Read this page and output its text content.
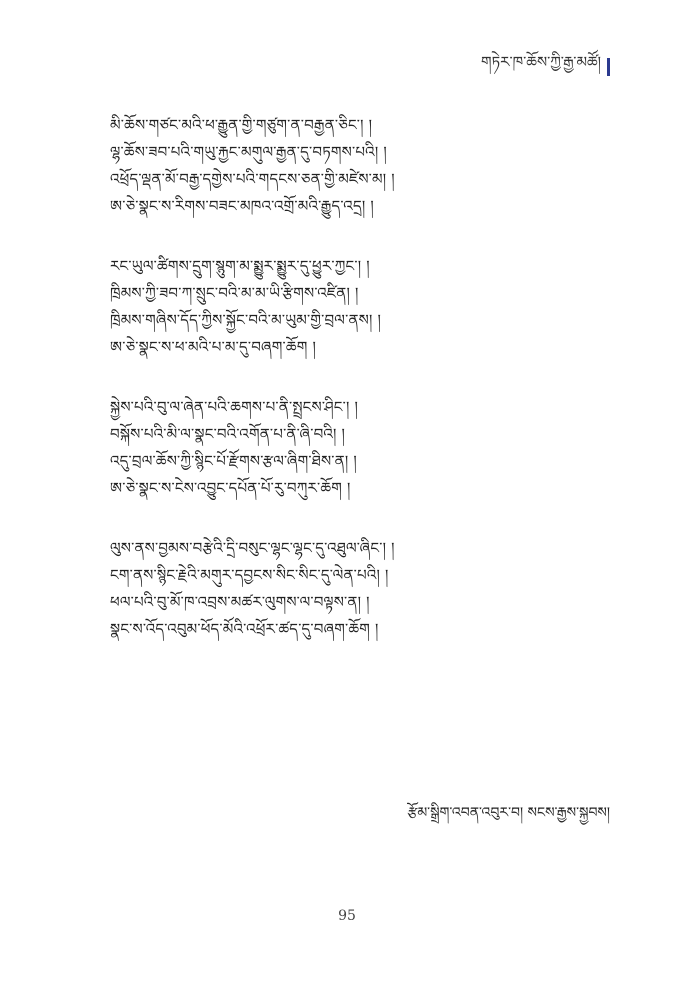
གཏེར་ཁ་ཆོས་ཀྱི་རྒྱ་མཚོ།
མི་ཆོས་གཙང་མའི་ཕ་རྒྱུན་གྱི་གཙུག་ན་བརྒྱན་ཅིང་། །
ལྷ་ཆོས་ཟབ་པའི་གཡུ་རྐྱང་མགུལ་རྒྱན་དུ་བཏགས་པའི། །
འཕྲོད་ལྡན་མོ་བརྒྱ་དགྱེས་པའི་གདངས་ཅན་གྱི་མཛེས་མ། །
ཨ་ཅེ་སྣང་ས་རིགས་བཟང་མཁའ་འགྲོ་མའི་རྒྱུད་འདྲ། །
རང་ཡུལ་ཚིགས་དྲུག་སྙུག་མ་སྨྱུར་སྨྱུར་དུ་ཕྱུར་ཀྱང་། །
ཁྲིམས་ཀྱི་ཟབ་ཀ་སྲུང་བའི་མ་མ་ཡི་རྩིགས་འཛིན། །
ཁྲིམས་གཞིས་དོད་ཀྱིས་སྐྱོང་བའི་མ་ཡུམ་གྱི་བྲལ་ནས། །
ཨ་ཅེ་སྣང་ས་ཕ་མའི་པ་མ་དུ་བཞག་ཆོག །
སྐྱེས་པའི་བུ་ལ་ཞེན་པའི་ཆགས་པ་ནི་སྤྲངས་ཤིང་། །
བསྐོས་པའི་མི་ལ་སྣང་བའི་འགོན་པ་ནི་ཞི་བའི། །
འདུ་བྲལ་ཆོས་ཀྱི་སྙིང་པོ་རྫོགས་རྩལ་ཞིག་ཐིས་ན། །
ཨ་ཅེ་སྣང་ས་ངེས་འབྱུང་དཔོན་པོ་རུ་བཀུར་ཆོག །
ལུས་ནས་བྱམས་བརྩེའི་དྲི་བསུང་ལྷང་ལྷང་དུ་འཐུལ་ཞིང་། །
ངག་ནས་སྙིང་རྗེའི་མགུར་དབྱངས་སིང་སིང་དུ་ལེན་པའི། །
ཕལ་པའི་བུ་མོ་ཁ་འབྲས་མཚར་ལུགས་ལ་བལྟས་ན། །
སྣང་ས་འོད་འབུམ་ཕོད་མོའི་འཕྲོར་ཚད་དུ་བཞག་ཆོག །
རྩོམ་སྒྲིག་འབན་འབུར་བ། སངས་རྒྱས་སྐྱབས།
95
